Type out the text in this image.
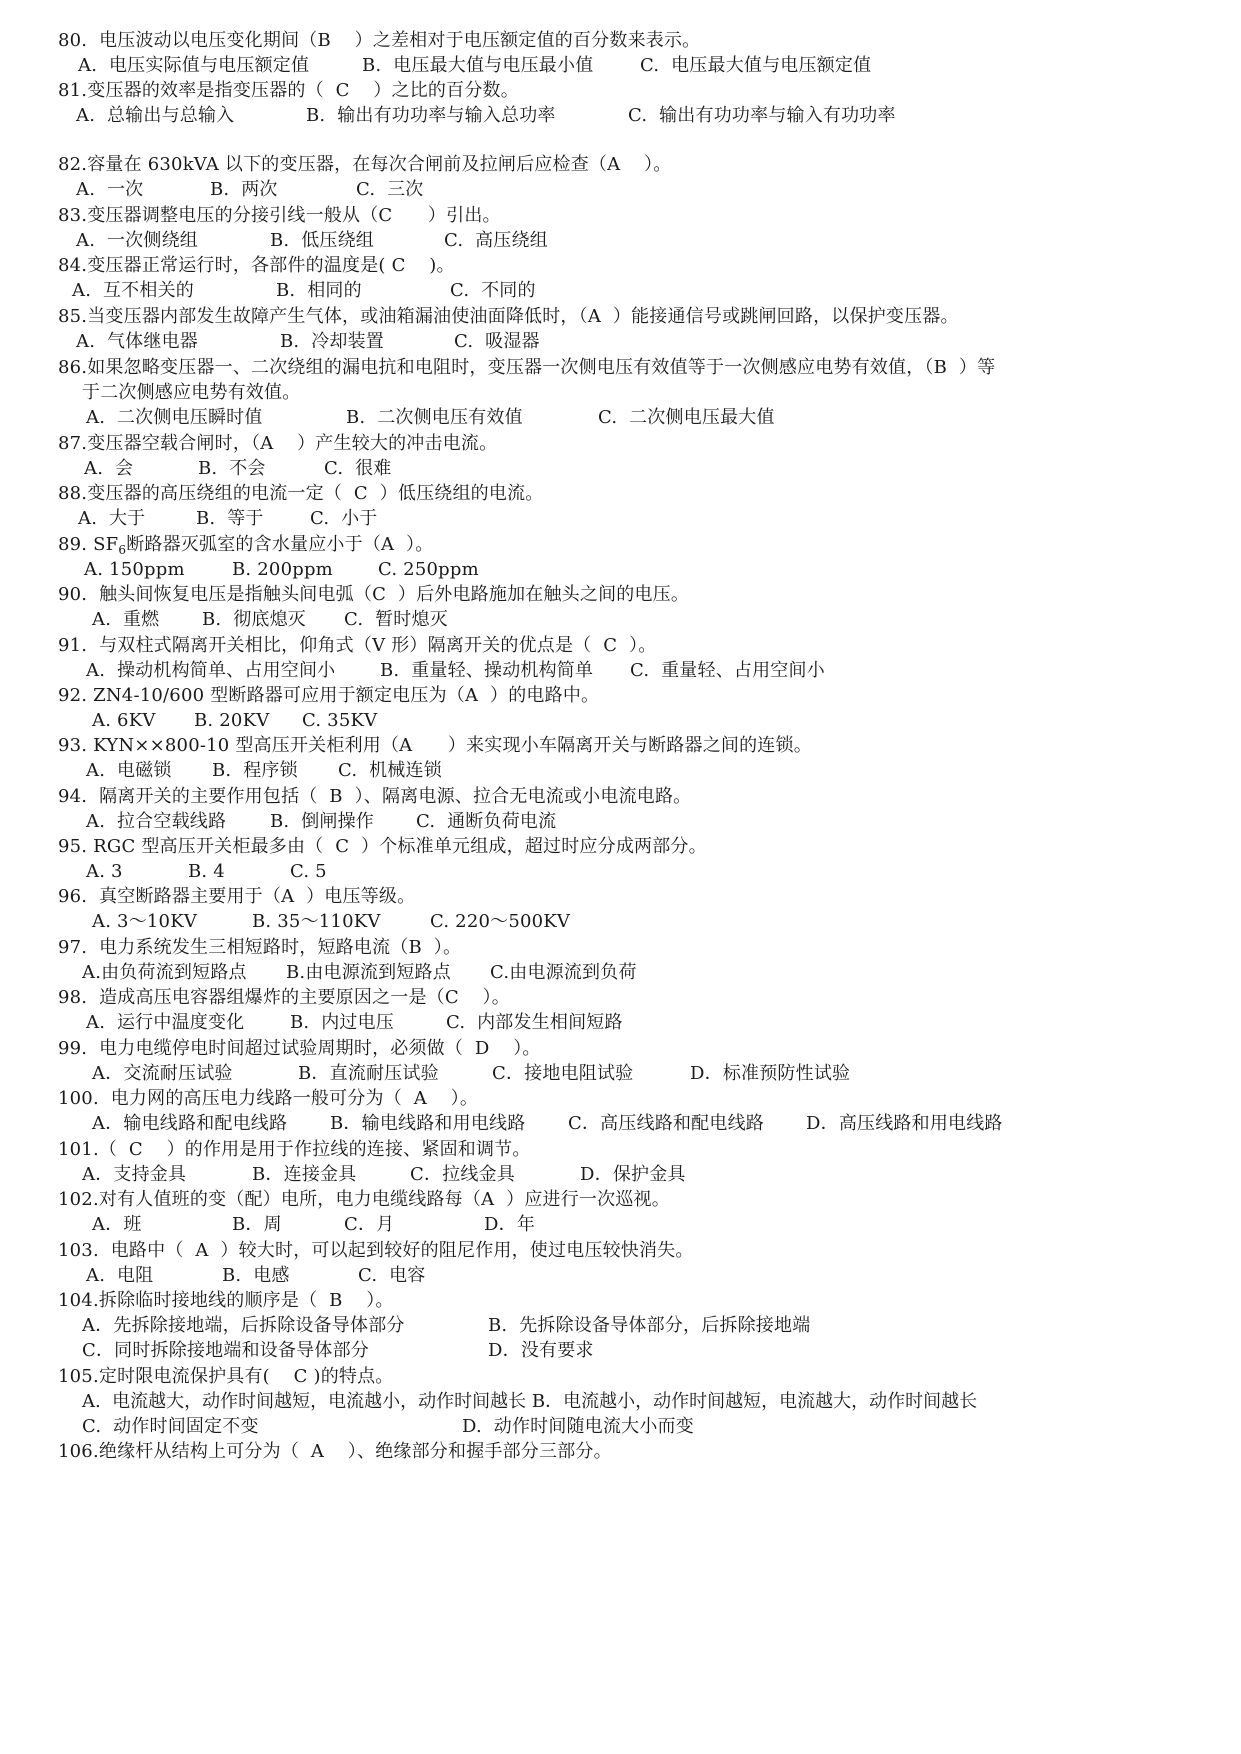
80.  电压波动以电压变化期间（B    ）之差相对于电压额定值的百分数来表示。
A.  电压实际值与电压额定值	B.  电压最大值与电压最小值	C.  电压最大值与电压额定值
81.变压器的效率是指变压器的（  C    ）之比的百分数。
A.  总输出与总输入	B.  输出有功功率与输入总功率	C.  输出有功功率与输入有功功率
82.容量在 630kVA 以下的变压器，在每次合闸前及拉闸后应检查（A    ）。
A.  一次	B.  两次	C.  三次
83.变压器调整电压的分接引线一般从（C      ）引出。
A.  一次侧绕组	B.  低压绕组	C.  高压绕组
84.变压器正常运行时，各部件的温度是( C    )。
A.  互不相关的	B.  相同的	C.  不同的
85.当变压器内部发生故障产生气体，或油箱漏油使油面降低时，（A  ）能接通信号或跳闸回路，以保护变压器。
A.  气体继电器	B.  冷却装置	C.  吸湿器
86.如果忽略变压器一、二次绕组的漏电抗和电阻时，变压器一次侧电压有效值等于一次侧感应电势有效值，（B  ）等
于二次侧感应电势有效值。
A.  二次侧电压瞬时值	B.  二次侧电压有效值	C.  二次侧电压最大值
87.变压器空载合闸时，（A    ）产生较大的冲击电流。
A.  会	B.  不会	C.  很难
88.变压器的高压绕组的电流一定（  C  ）低压绕组的电流。
A.  大于	B.  等于	C.  小于
89. $SF_6$断路器灭弧室的含水量应小于（A  ）。
A. 150ppm	B. 200ppm	C. 250ppm
90.  触头间恢复电压是指触头间电弧（C  ）后外电路施加在触头之间的电压。
A.  重燃 B.  彻底熄灭 C.  暂时熄灭
91.  与双柱式隔离开关相比，仰角式（V 形）隔离开关的优点是（  C  ）。
A.  操动机构简单、占用空间小 B.  重量轻、操动机构简单 C.  重量轻、占用空间小
92. ZN4-10/600 型断路器可应用于额定电压为（A  ）的电路中。
A. 6KV B. 20KV C. 35KV
93. KYN××800-10 型高压开关柜利用（A      ）来实现小车隔离开关与断路器之间的连锁。
A.  电磁锁 B.  程序锁 C.  机械连锁
94.  隔离开关的主要作用包括（  B  ）、隔离电源、拉合无电流或小电流电路。
A.  拉合空载线路 B.  倒闸操作 C.  通断负荷电流
95. RGC 型高压开关柜最多由（  C  ）个标准单元组成，超过时应分成两部分。
A. 3	B. 4	C. 5
96.  真空断路器主要用于（A  ）电压等级。
A. 3～10KV	B. 35～110KV	C. 220～500KV
97.  电力系统发生三相短路时，短路电流（B  ）。
A.由负荷流到短路点 B.由电源流到短路点 C.由电源流到负荷
98.  造成高压电容器组爆炸的主要原因之一是（C    ）。
A.  运行中温度变化	B.  内过电压	C.  内部发生相间短路
99.  电力电缆停电时间超过试验周期时，必须做（  D    ）。
A．交流耐压试验	B．直流耐压试验	C．接地电阻试验	D．标准预防性试验
100.  电力网的高压电力线路一般可分为（  A    ）。
A．输电线路和配电线路 B．输电线路和用电线路 C．高压线路和配电线路 D．高压线路和用电线路
101.（  C    ）的作用是用于作拉线的连接、紧固和调节。
A．支持金具	B．连接金具	C．拉线金具	D．保护金具
102.对有人值班的变（配）电所，电力电缆线路每（A  ）应进行一次巡视。
A．班	B．周	C．月	D．年
103.  电路中（  A  ）较大时，可以起到较好的阻尼作用，使过电压较快消失。
A.  电阻	B.  电感	C.  电容
104.拆除临时接地线的顺序是（  B    ）。
A．先拆除接地端，后拆除设备导体部分	B.  先拆除设备导体部分，后拆除接地端
C．同时拆除接地端和设备导体部分	D．没有要求
105.定时限电流保护具有(    C )的特点。
A.  电流越大，动作时间越短，电流越小，动作时间越长 B．电流越小，动作时间越短，电流越大，动作时间越长
C.  动作时间固定不变	D.  动作时间随电流大小而变
106.绝缘杆从结构上可分为（  A    ）、绝缘部分和握手部分三部分。
